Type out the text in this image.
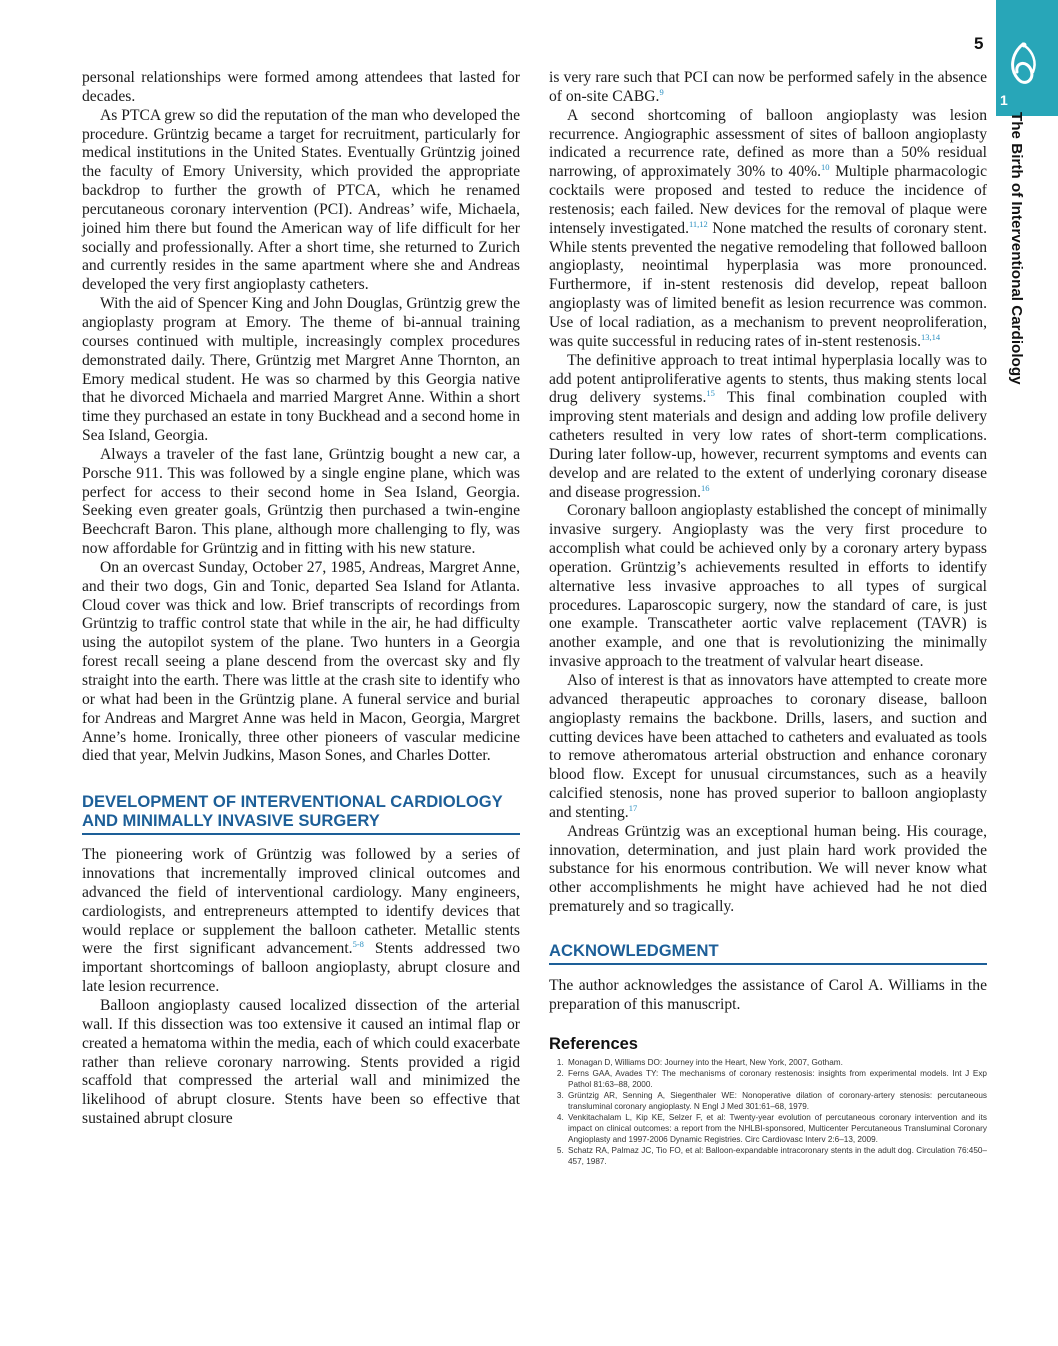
5
1
The Birth of Interventional Cardiology

personal relationships were formed among attendees that lasted for decades.

As PTCA grew so did the reputation of the man who developed the procedure. Grüntzig became a target for recruitment, particularly for medical institutions in the United States. Eventually Grüntzig joined the faculty of Emory University, which provided the appropriate backdrop to further the growth of PTCA, which he renamed percutaneous coronary intervention (PCI). Andreas’ wife, Michaela, joined him there but found the American way of life difficult for her socially and professionally. After a short time, she returned to Zurich and currently resides in the same apartment where she and Andreas developed the very first angioplasty catheters.

With the aid of Spencer King and John Douglas, Grüntzig grew the angioplasty program at Emory. The theme of bi-annual training courses continued with multiple, increasingly complex procedures demonstrated daily. There, Grüntzig met Margret Anne Thornton, an Emory medical student. He was so charmed by this Georgia native that he divorced Michaela and married Margret Anne. Within a short time they purchased an estate in tony Buckhead and a second home in Sea Island, Georgia.

Always a traveler of the fast lane, Grüntzig bought a new car, a Porsche 911. This was followed by a single engine plane, which was perfect for access to their second home in Sea Island, Georgia. Seeking even greater goals, Grüntzig then purchased a twin-engine Beechcraft Baron. This plane, although more challenging to fly, was now affordable for Grüntzig and in fitting with his new stature.

On an overcast Sunday, October 27, 1985, Andreas, Margret Anne, and their two dogs, Gin and Tonic, departed Sea Island for Atlanta. Cloud cover was thick and low. Brief transcripts of recordings from Grüntzig to traffic control state that while in the air, he had difficulty using the autopilot system of the plane. Two hunters in a Georgia forest recall seeing a plane descend from the overcast sky and fly straight into the earth. There was little at the crash site to identify who or what had been in the Grüntzig plane. A funeral service and burial for Andreas and Margret Anne was held in Macon, Georgia, Margret Anne’s home. Ironically, three other pioneers of vascular medicine died that year, Melvin Judkins, Mason Sones, and Charles Dotter.

DEVELOPMENT OF INTERVENTIONAL CARDIOLOGY AND MINIMALLY INVASIVE SURGERY

The pioneering work of Grüntzig was followed by a series of innovations that incrementally improved clinical outcomes and advanced the field of interventional cardiology. Many engineers, cardiologists, and entrepreneurs attempted to identify devices that would replace or supplement the balloon catheter. Metallic stents were the first significant advancement.$^{5-8}$ Stents addressed two important shortcomings of balloon angioplasty, abrupt closure and late lesion recurrence.

Balloon angioplasty caused localized dissection of the arterial wall. If this dissection was too extensive it caused an intimal flap or created a hematoma within the media, each of which could exacerbate rather than relieve coronary narrowing. Stents provided a rigid scaffold that compressed the arterial wall and minimized the likelihood of abrupt closure. Stents have been so effective that sustained abrupt closure

is very rare such that PCI can now be performed safely in the absence of on-site CABG.$^9$

A second shortcoming of balloon angioplasty was lesion recurrence. Angiographic assessment of sites of balloon angioplasty indicated a recurrence rate, defined as more than a 50% residual narrowing, of approximately 30% to 40%.$^{10}$ Multiple pharmacologic cocktails were proposed and tested to reduce the incidence of restenosis; each failed. New devices for the removal of plaque were intensely investigated.$^{11,12}$ None matched the results of coronary stent. While stents prevented the negative remodeling that followed balloon angioplasty, neointimal hyperplasia was more pronounced. Furthermore, if in-stent restenosis did develop, repeat balloon angioplasty was of limited benefit as lesion recurrence was common. Use of local radiation, as a mechanism to prevent neoproliferation, was quite successful in reducing rates of in-stent restenosis.$^{13,14}$

The definitive approach to treat intimal hyperplasia locally was to add potent antiproliferative agents to stents, thus making stents local drug delivery systems.$^{15}$ This final combination coupled with improving stent materials and design and adding low profile delivery catheters resulted in very low rates of short-term complications. During later follow-up, however, recurrent symptoms and events can develop and are related to the extent of underlying coronary disease and disease progression.$^{16}$

Coronary balloon angioplasty established the concept of minimally invasive surgery. Angioplasty was the very first procedure to accomplish what could be achieved only by a coronary artery bypass operation. Grüntzig’s achievements resulted in efforts to identify alternative less invasive approaches to all types of surgical procedures. Laparoscopic surgery, now the standard of care, is just one example. Transcatheter aortic valve replacement (TAVR) is another example, and one that is revolutionizing the minimally invasive approach to the treatment of valvular heart disease.

Also of interest is that as innovators have attempted to create more advanced therapeutic approaches to coronary disease, balloon angioplasty remains the backbone. Drills, lasers, and suction and cutting devices have been attached to catheters and evaluated as tools to remove atheromatous arterial obstruction and enhance coronary blood flow. Except for unusual circumstances, such as a heavily calcified stenosis, none has proved superior to balloon angioplasty and stenting.$^{17}$

Andreas Grüntzig was an exceptional human being. His courage, innovation, determination, and just plain hard work provided the substance for his enormous contribution. We will never know what other accomplishments he might have achieved had he not died prematurely and so tragically.

ACKNOWLEDGMENT

The author acknowledges the assistance of Carol A. Williams in the preparation of this manuscript.

References
1. Monagan D, Williams DO: Journey into the Heart, New York, 2007, Gotham.
2. Ferns GAA, Avades TY: The mechanisms of coronary restenosis: insights from experimental models. Int J Exp Pathol 81:63–88, 2000.
3. Grüntzig AR, Senning A, Siegenthaler WE: Nonoperative dilation of coronary-artery stenosis: percutaneous transluminal coronary angioplasty. N Engl J Med 301:61–68, 1979.
4. Venkitachalam L, Kip KE, Selzer F, et al: Twenty-year evolution of percutaneous coronary intervention and its impact on clinical outcomes: a report from the NHLBI-sponsored, Multicenter Percutaneous Transluminal Coronary Angioplasty and 1997-2006 Dynamic Registries. Circ Cardiovasc Interv 2:6–13, 2009.
5. Schatz RA, Palmaz JC, Tio FO, et al: Balloon-expandable intracoronary stents in the adult dog. Circulation 76:450–457, 1987.
